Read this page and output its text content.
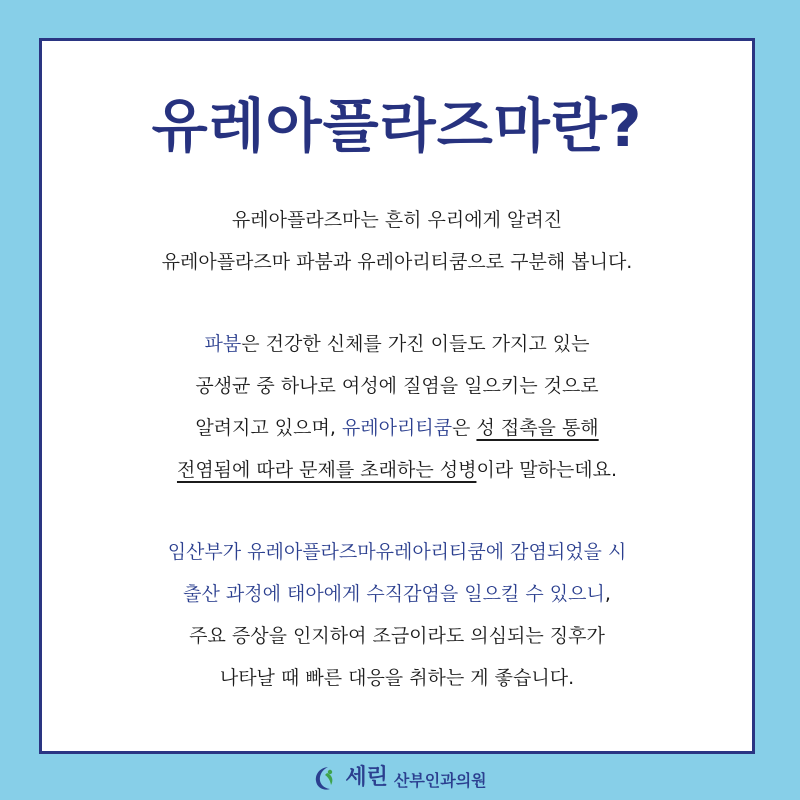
유레아플라즈마란?
유레아플라즈마는 흔히 우리에게 알려진
유레아플라즈마 파붐과 유레아리티쿰으로 구분해 봅니다.
파붐은 건강한 신체를 가진 이들도 가지고 있는
공생균 중 하나로 여성에 질염을 일으키는 것으로
알려지고 있으며, 유레아리티쿰은 성 접촉을 통해
전염됨에 따라 문제를 초래하는 성병이라 말하는데요.
임산부가 유레아플라즈마유레아리티쿰에 감염되었을 시
출산 과정에 태아에게 수직감염을 일으킬 수 있으니,
주요 증상을 인지하여 조금이라도 의심되는 징후가
나타날 때 빠른 대응을 취하는 게 좋습니다.
세린 산부인과의원
